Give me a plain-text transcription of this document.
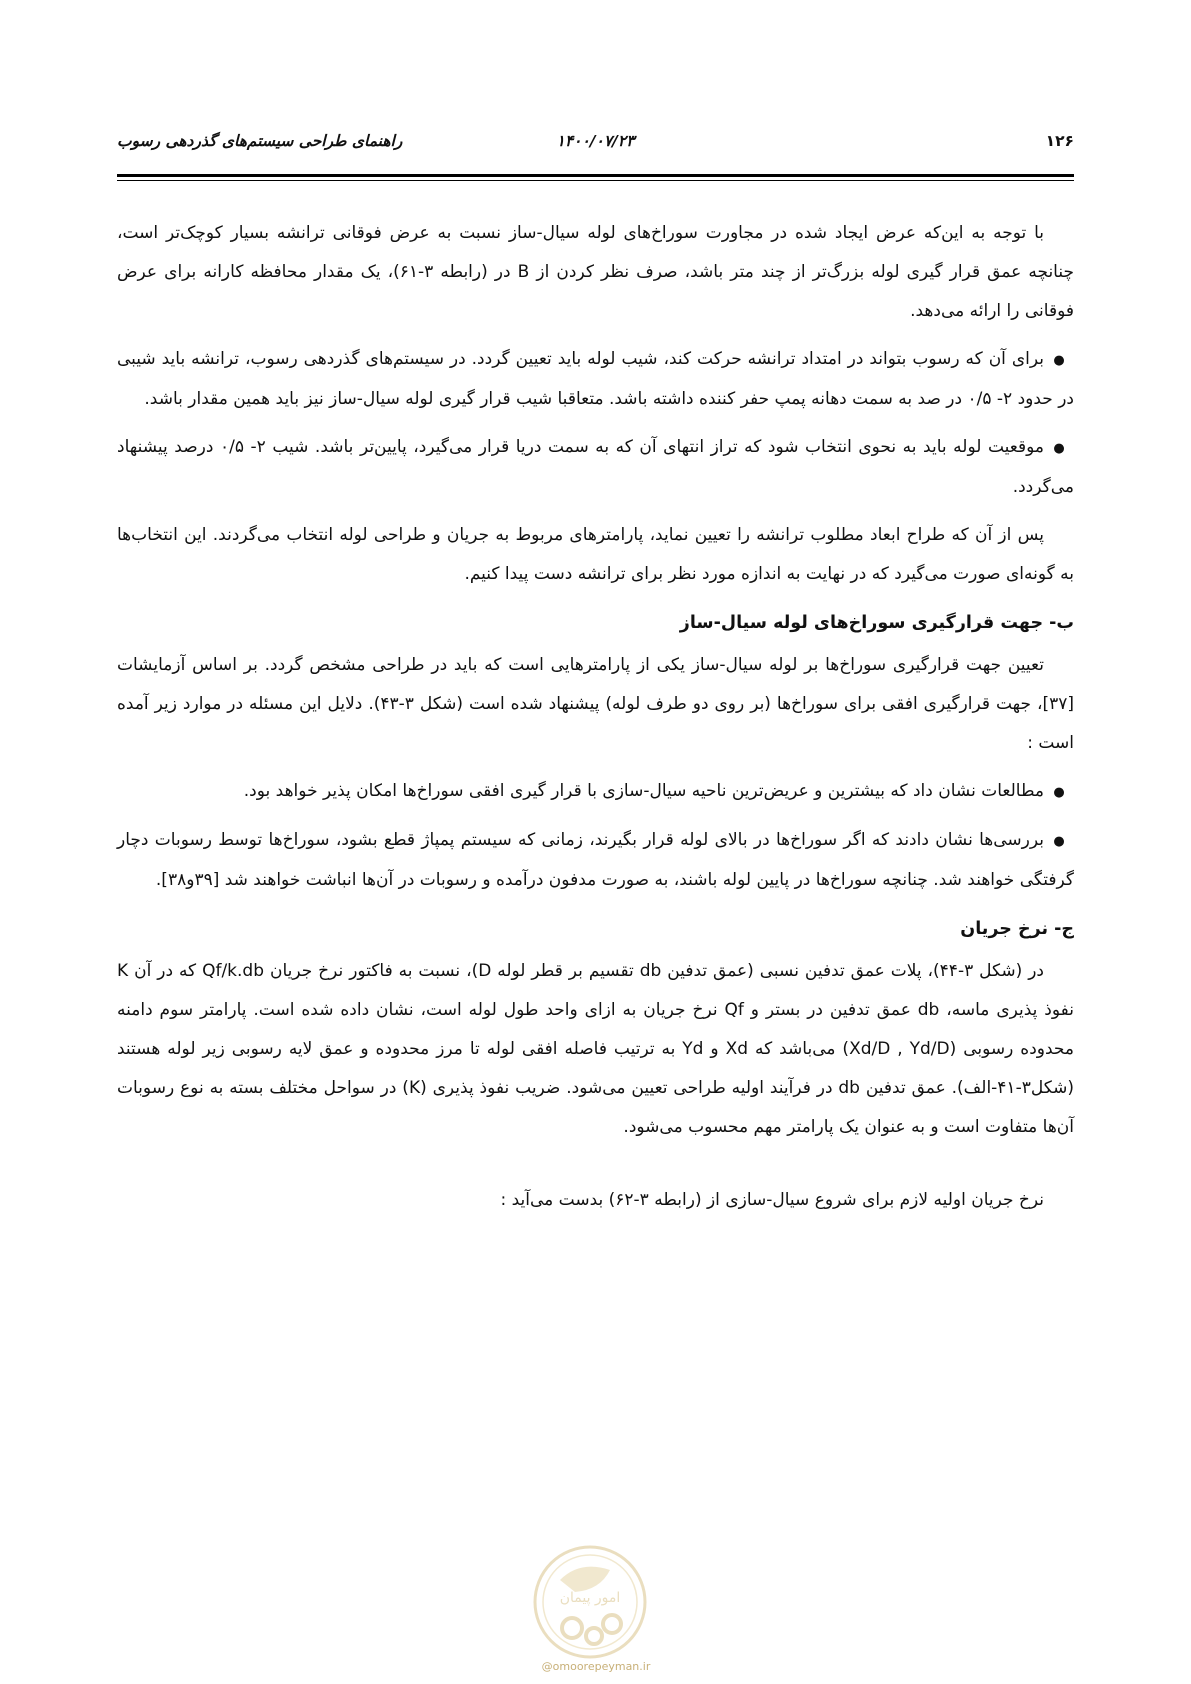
۱۲۶
۱۴۰۰/۰۷/۲۳
راهنمای طراحی سیستم‌های گذردهی رسوب

با توجه به این‌که عرض ایجاد شده در مجاورت سوراخ‌های لوله سیال-ساز نسبت به عرض فوقانی ترانشه بسیار کوچک‌تر است، چنانچه عمق قرار گیری لوله بزرگ‌تر از چند متر باشد، صرف نظر کردن از B در (رابطه ۳-۶۱)، یک مقدار محافظه کارانه برای عرض فوقانی را ارائه می‌دهد.

●برای آن که رسوب بتواند در امتداد ترانشه حرکت کند، شیب لوله باید تعیین گردد. در سیستم‌های گذردهی رسوب، ترانشه باید شیبی در حدود ۲- ۰/۵ در صد به سمت دهانه پمپ حفر کننده داشته باشد. متعاقبا شیب قرار گیری لوله سیال-ساز نیز باید همین مقدار باشد.

●موقعیت لوله باید به نحوی انتخاب شود که تراز انتهای آن که به سمت دریا قرار می‌گیرد، پایین‌تر باشد. شیب ۲- ۰/۵ درصد پیشنهاد می‌گردد.

پس از آن که طراح ابعاد مطلوب ترانشه را تعیین نماید، پارامترهای مربوط به جریان و طراحی لوله انتخاب می‌گردند. این انتخاب‌ها به گونه‌ای صورت می‌گیرد که در نهایت به اندازه مورد نظر برای ترانشه دست پیدا کنیم.

ب- جهت قرارگیری سوراخ‌های لوله سیال-ساز

تعیین جهت قرارگیری سوراخ‌ها بر لوله سیال-ساز یکی از پارامترهایی است که باید در طراحی مشخص گردد. بر اساس آزمایشات [۳۷]، جهت قرارگیری افقی برای سوراخ‌ها (بر روی دو طرف لوله) پیشنهاد شده است (شکل ۳-۴۳). دلایل این مسئله در موارد زیر آمده است :

●مطالعات نشان داد که بیشترین و عریض‌ترین ناحیه سیال-سازی با قرار گیری افقی سوراخ‌ها امکان پذیر خواهد بود.

●بررسی‌ها نشان دادند که اگر سوراخ‌ها در بالای لوله قرار بگیرند، زمانی که سیستم پمپاژ قطع بشود، سوراخ‌ها توسط رسوبات دچار گرفتگی خواهند شد. چنانچه سوراخ‌ها در پایین لوله باشند، به صورت مدفون درآمده و رسوبات در آن‌ها انباشت خواهند شد [۳۹و۳۸].

ج- نرخ جریان

در (شکل ۳-۴۴)، پلات عمق تدفین نسبی (عمق تدفین db تقسیم بر قطر لوله D)، نسبت به فاکتور نرخ جریان Qf/k.db که در آن K نفوذ پذیری ماسه، db عمق تدفین در بستر و Qf نرخ جریان به ازای واحد طول لوله است، نشان داده شده است. پارامتر سوم دامنه محدوده رسوبی (Xd/D , Yd/D) می‌باشد که Xd و Yd به ترتیب فاصله افقی لوله تا مرز محدوده و عمق لایه رسوبی زیر لوله هستند (شکل۳-۴۱-الف). عمق تدفین db در فرآیند اولیه طراحی تعیین می‌شود. ضریب نفوذ پذیری (K) در سواحل مختلف بسته به نوع رسوبات آن‌ها متفاوت است و به عنوان یک پارامتر مهم محسوب می‌شود.

نرخ جریان اولیه لازم برای شروع سیال-سازی از (رابطه ۳-۶۲) بدست می‌آید :

امور پیمان
@omoorepeyman.ir
